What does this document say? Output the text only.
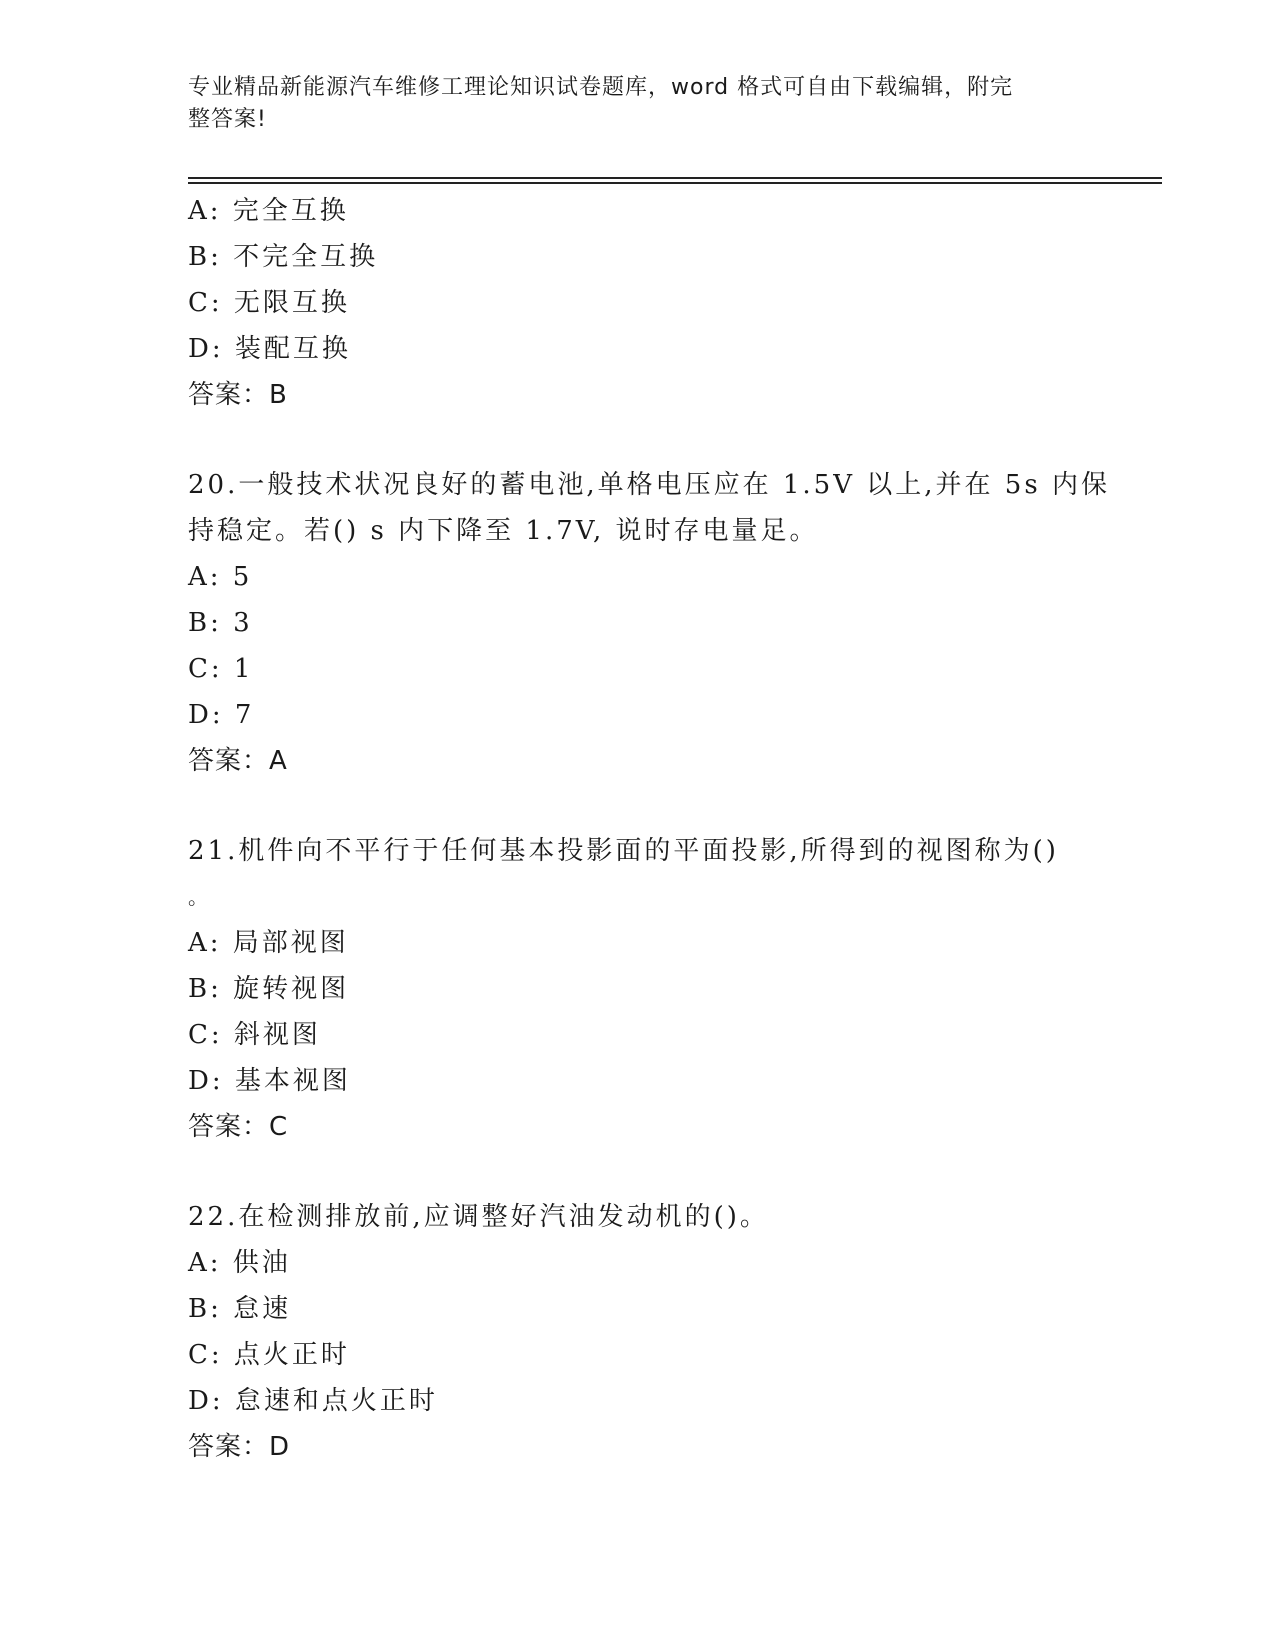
专业精品新能源汽车维修工理论知识试卷题库，word 格式可自由下载编辑，附完
整答案!
A: 完全互换
B: 不完全互换
C: 无限互换
D: 装配互换
答案：B
20.一般技术状况良好的蓄电池,单格电压应在 1.5V 以上,并在 5s 内保
持稳定。若() s 内下降至 1.7V, 说时存电量足。
A: 5
B: 3
C: 1
D: 7
答案：A
21.机件向不平行于任何基本投影面的平面投影,所得到的视图称为()
。
A: 局部视图
B: 旋转视图
C: 斜视图
D: 基本视图
答案：C
22.在检测排放前,应调整好汽油发动机的()。
A: 供油
B: 怠速
C: 点火正时
D: 怠速和点火正时
答案：D
